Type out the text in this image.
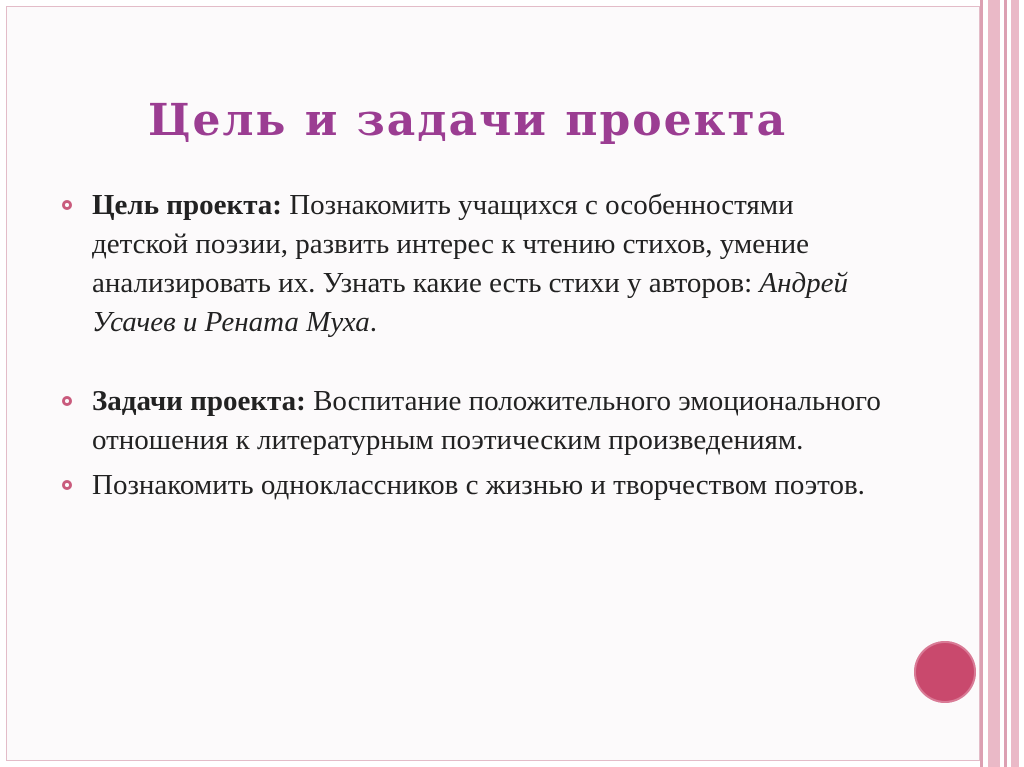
Цель и задачи проекта
Цель проекта: Познакомить учащихся с особенностями детской поэзии, развить интерес к чтению стихов, умение анализировать их. Узнать какие есть стихи у авторов: Андрей Усачев и Рената Муха.
Задачи проекта: Воспитание положительного эмоционального отношения к литературным поэтическим произведениям.
Познакомить одноклассников с жизнью и творчеством поэтов.
